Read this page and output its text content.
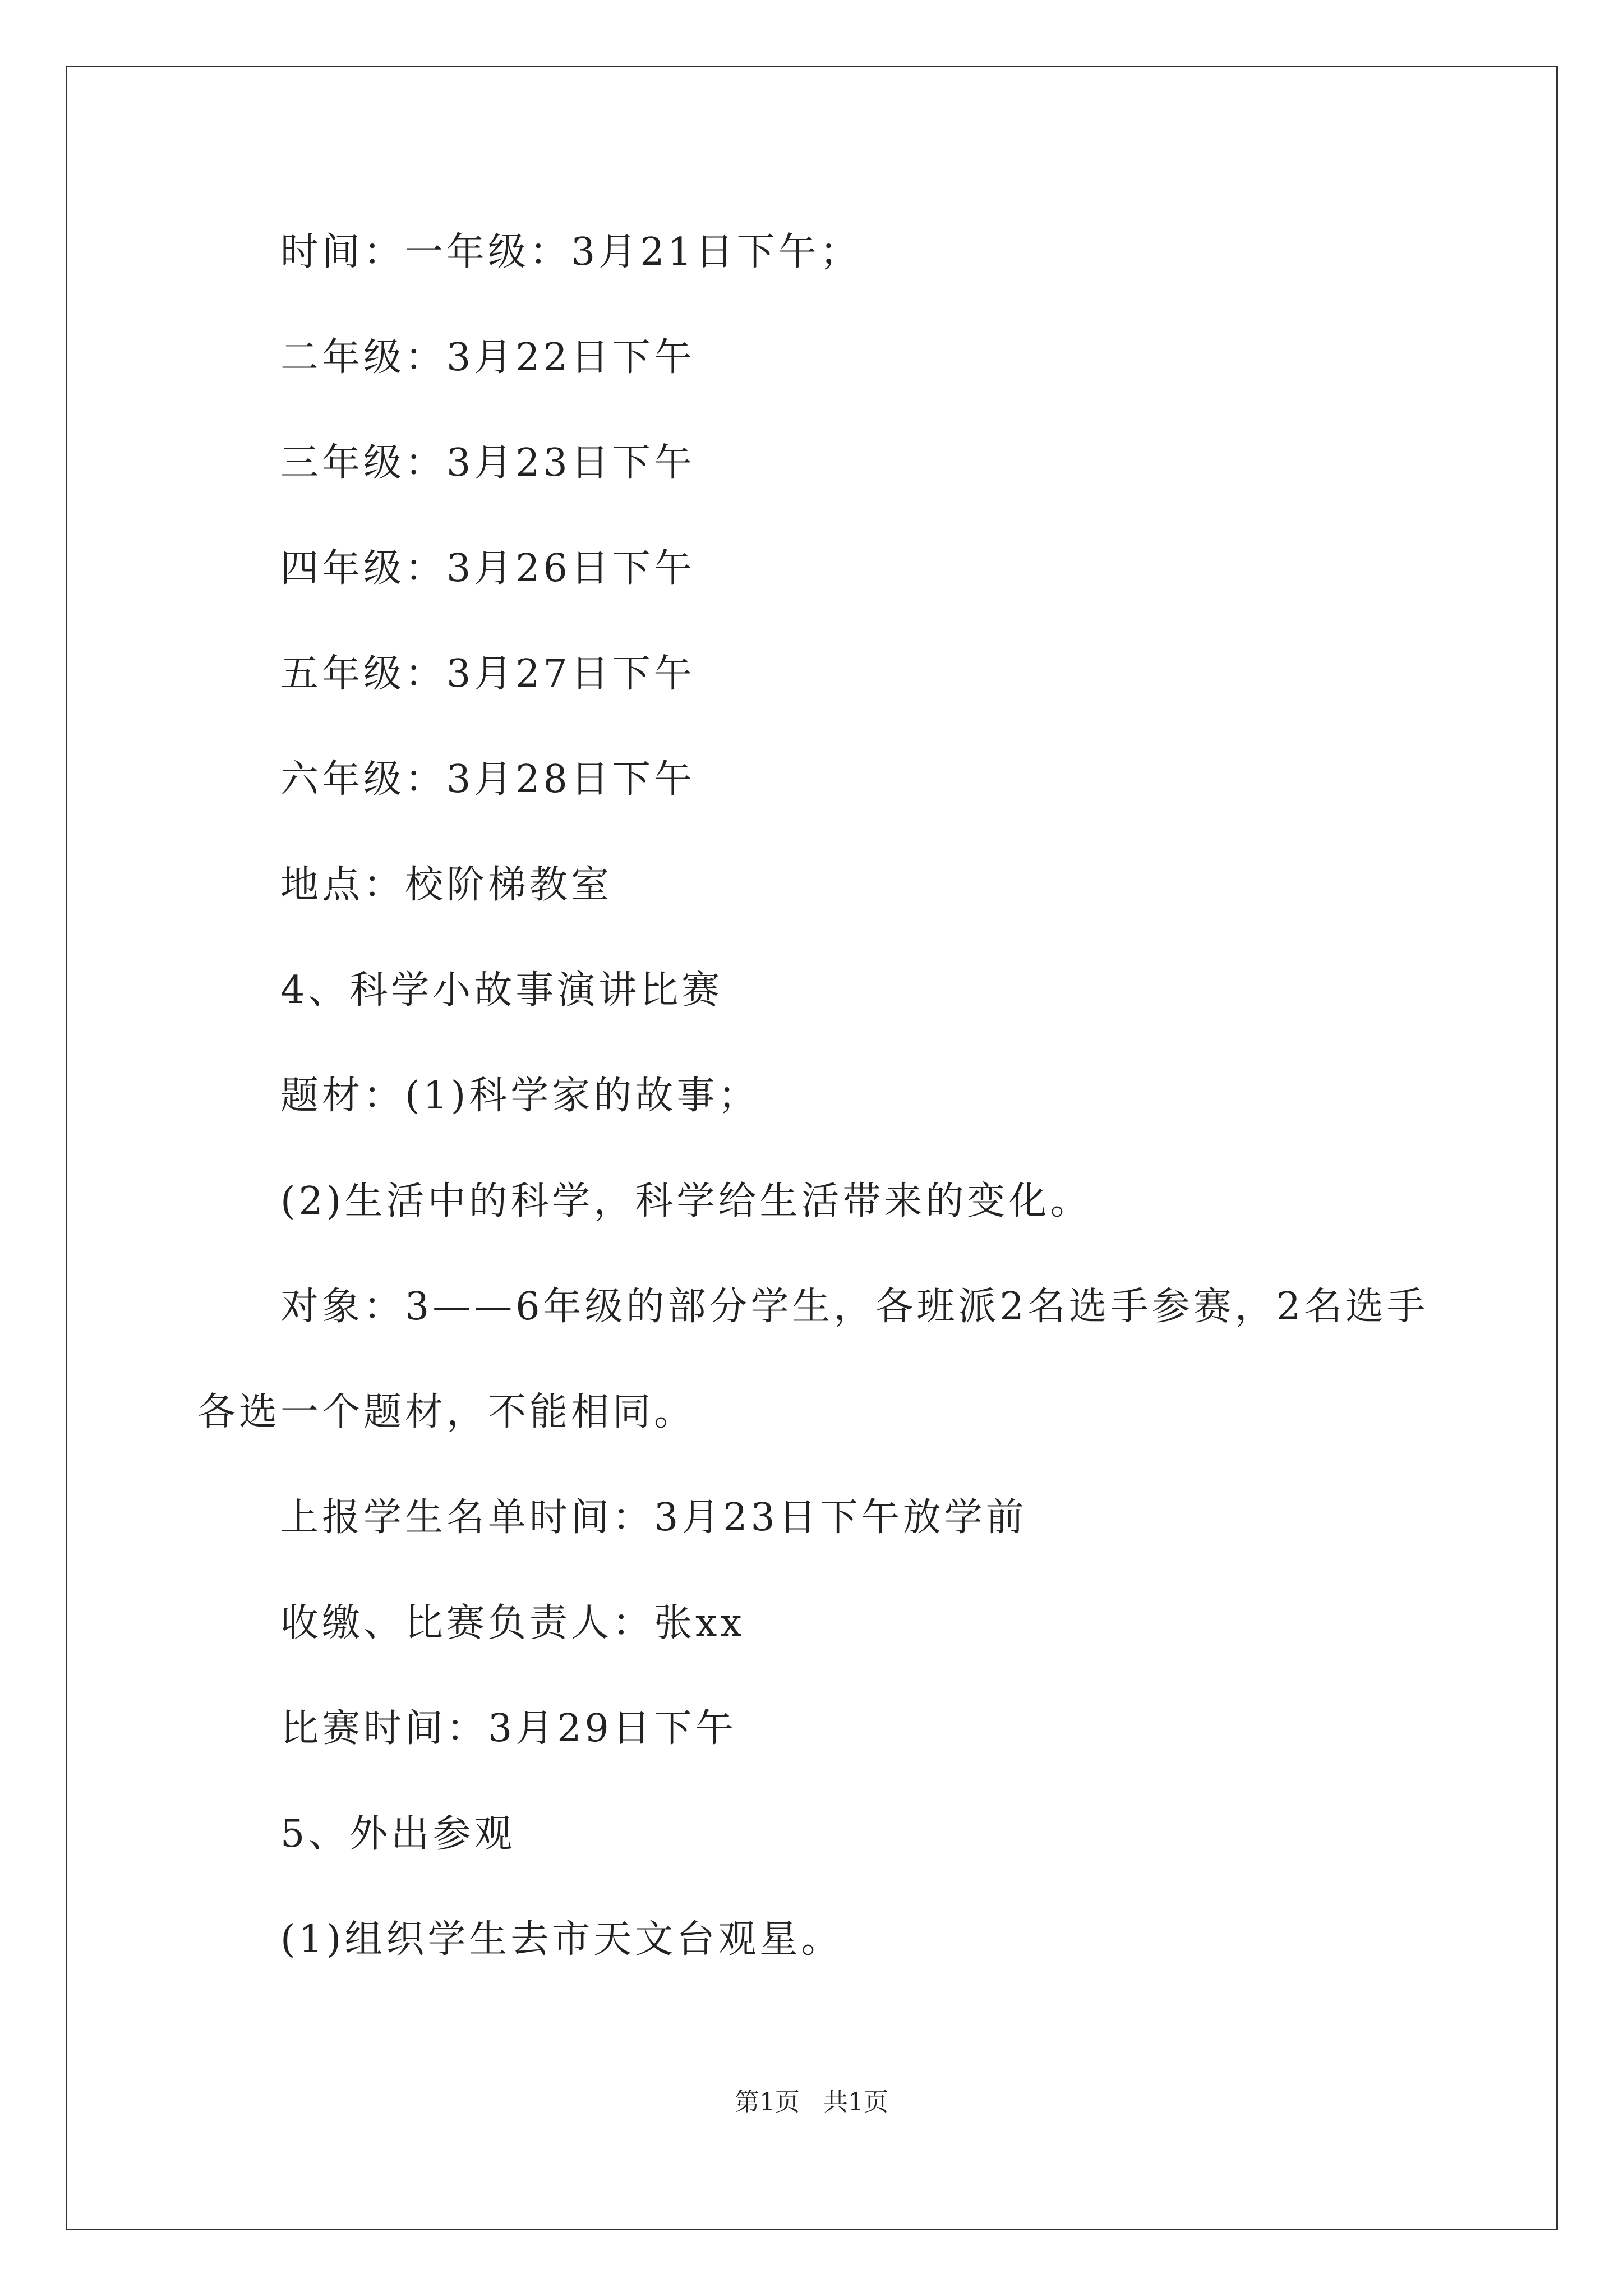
时间：一年级：3月21日下午；
二年级：3月22日下午
三年级：3月23日下午
四年级：3月26日下午
五年级：3月27日下午
六年级：3月28日下午
地点：校阶梯教室
4、科学小故事演讲比赛
题材：(1)科学家的故事；
(2)生活中的科学，科学给生活带来的变化。
对象：3——6年级的部分学生，各班派2名选手参赛，2名选手
各选一个题材，不能相同。
上报学生名单时间：3月23日下午放学前
收缴、比赛负责人：张xx
比赛时间：3月29日下午
5、外出参观
(1)组织学生去市天文台观星。
第1页   共1页
